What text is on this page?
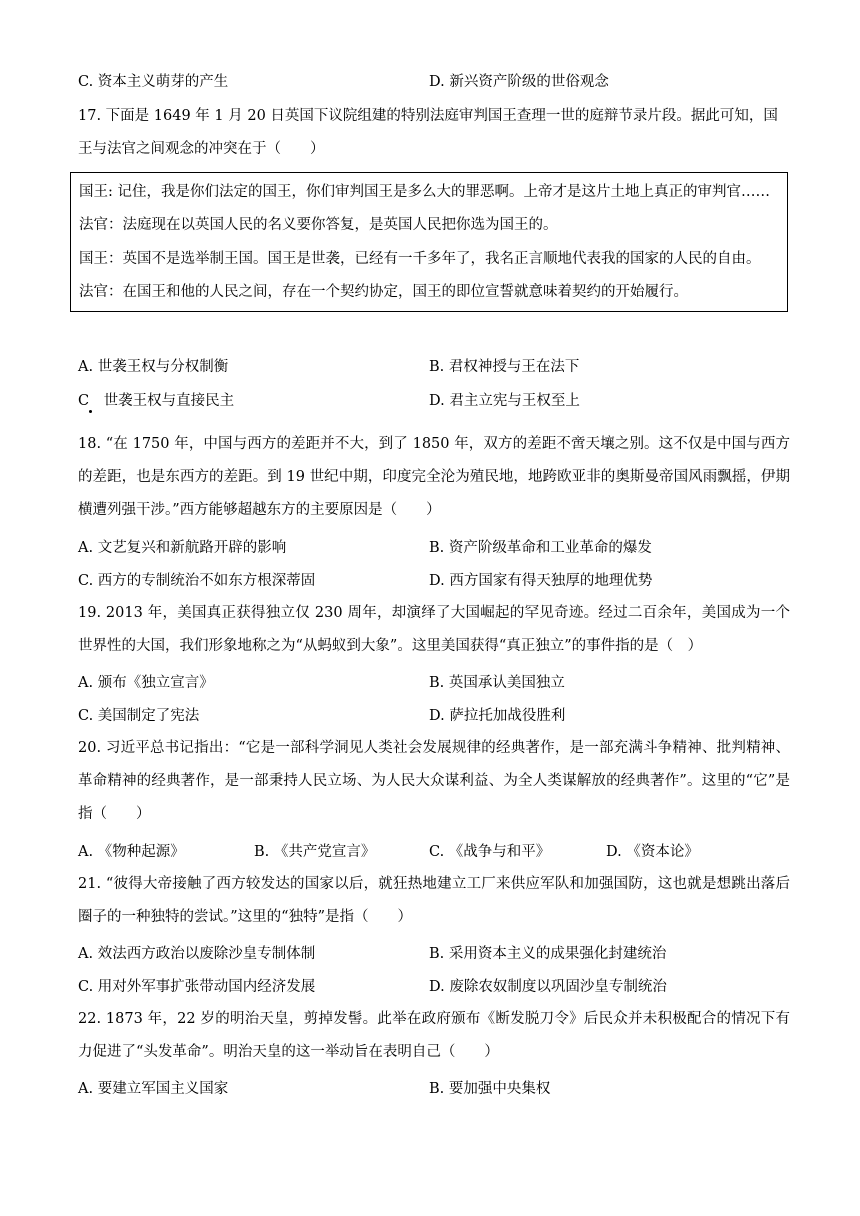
C. 资本主义萌芽的产生	D. 新兴资产阶级的世俗观念
17. 下面是 1649 年 1 月 20 日英国下议院组建的特别法庭审判国王查理一世的庭辩节录片段。据此可知，国
王与法官之间观念的冲突在于（　　）
国王: 记住，我是你们法定的国王，你们审判国王是多么大的罪恶啊。上帝才是这片土地上真正的审判官……
法官：法庭现在以英国人民的名义要你答复，是英国人民把你选为国王的。
国王：英国不是选举制王国。国王是世袭，已经有一千多年了，我名正言顺地代表我的国家的人民的自由。
法官：在国王和他的人民之间，存在一个契约协定，国王的即位宣誓就意味着契约的开始履行。
A. 世袭王权与分权制衡	B. 君权神授与王在法下
C　世袭王权与直接民主	D. 君主立宪与王权至上
18. “在 1750 年，中国与西方的差距并不大，到了 1850 年，双方的差距不啻天壤之别。这不仅是中国与西方的差距，也是东西方的差距。到 19 世纪中期，印度完全沦为殖民地，地跨欧亚非的奥斯曼帝国风雨飘摇，伊期横遭列强干涉。”西方能够超越东方的主要原因是（　　）
A. 文艺复兴和新航路开辟的影响	B. 资产阶级革命和工业革命的爆发
C. 西方的专制统治不如东方根深蒂固	D. 西方国家有得天独厚的地理优势
19. 2013 年，美国真正获得独立仅 230 周年，却演绎了大国崛起的罕见奇迹。经过二百余年，美国成为一个世界性的大国，我们形象地称之为“从蚂蚁到大象”。这里美国获得“真正独立”的事件指的是（　）
A. 颁布《独立宣言》	B. 英国承认美国独立
C. 美国制定了宪法	D. 萨拉托加战役胜利
20. 习近平总书记指出：“它是一部科学洞见人类社会发展规律的经典著作，是一部充满斗争精神、批判精神、革命精神的经典著作，是一部秉持人民立场、为人民大众谋利益、为全人类谋解放的经典著作”。这里的“它”是指（　　）
A. 《物种起源》	B. 《共产党宣言》	C. 《战争与和平》	D. 《资本论》
21. “彼得大帝接触了西方较发达的国家以后，就狂热地建立工厂来供应军队和加强国防，这也就是想跳出落后圈子的一种独特的尝试。”这里的“独特”是指（　　）
A. 效法西方政治以废除沙皇专制体制	B. 采用资本主义的成果强化封建统治
C. 用对外军事扩张带动国内经济发展	D. 废除农奴制度以巩固沙皇专制统治
22. 1873 年，22 岁的明治天皇，剪掉发髻。此举在政府颁布《断发脱刀令》后民众并未积极配合的情况下有力促进了“头发革命”。明治天皇的这一举动旨在表明自己（　　）
A. 要建立军国主义国家	B. 要加强中央集权
